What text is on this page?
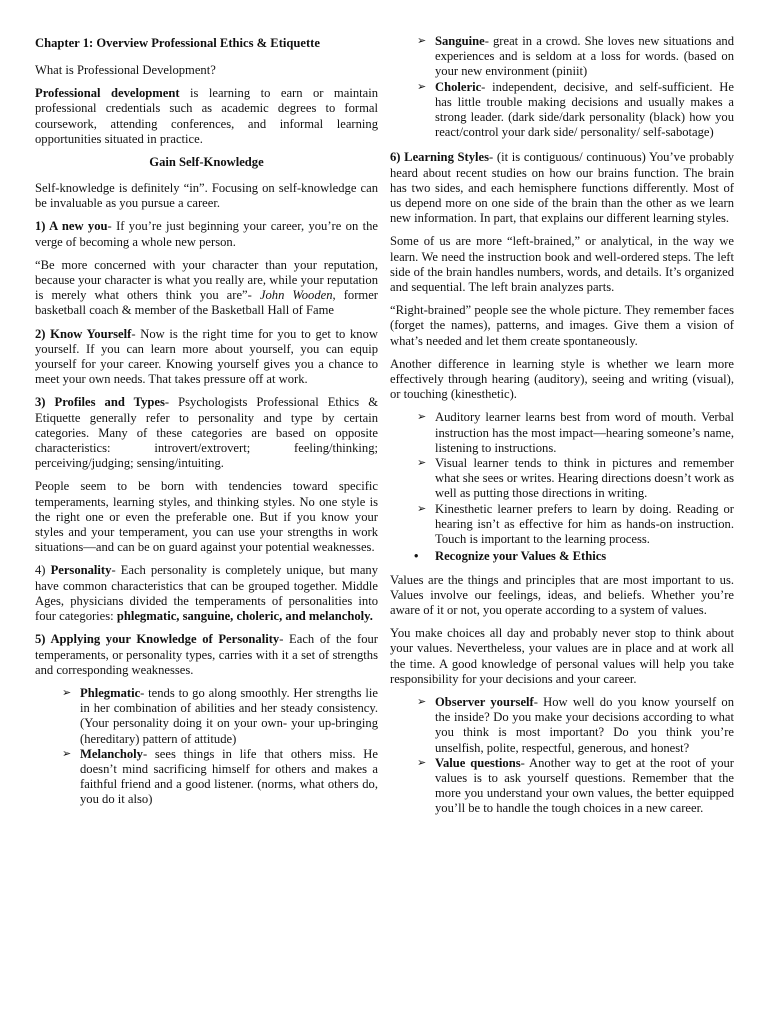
Chapter 1: Overview Professional Ethics & Etiquette

What is Professional Development?

Professional development is learning to earn or maintain professional credentials such as academic degrees to formal coursework, attending conferences, and informal learning opportunities situated in practice.

Gain Self-Knowledge

Self-knowledge is definitely “in”. Focusing on self-knowledge can be invaluable as you pursue a career.

1) A new you- If you’re just beginning your career, you’re on the verge of becoming a whole new person.

“Be more concerned with your character than your reputation, because your character is what you really are, while your reputation is merely what others think you are”- John Wooden, former basketball coach & member of the Basketball Hall of Fame

2) Know Yourself- Now is the right time for you to get to know yourself. If you can learn more about yourself, you can equip yourself for your career. Knowing yourself gives you a chance to meet your own needs. That takes pressure off at work.

3) Profiles and Types- Psychologists Professional Ethics & Etiquette generally refer to personality and type by certain categories. Many of these categories are based on opposite characteristics: introvert/extrovert; feeling/thinking; perceiving/judging; sensing/intuiting.

People seem to be born with tendencies toward specific temperaments, learning styles, and thinking styles. No one style is the right one or even the preferable one. But if you know your styles and your temperament, you can use your strengths in work situations—and can be on guard against your potential weaknesses.

4) Personality- Each personality is completely unique, but many have common characteristics that can be grouped together. Middle Ages, physicians divided the temperaments of personalities into four categories: phlegmatic, sanguine, choleric, and melancholy.

5) Applying your Knowledge of Personality- Each of the four temperaments, or personality types, carries with it a set of strengths and corresponding weaknesses.

➢ Phlegmatic- tends to go along smoothly. Her strengths lie in her combination of abilities and her steady consistency. (Your personality doing it on your own- your up-bringing (hereditary) pattern of attitude)
➢ Melancholy- sees things in life that others miss. He doesn’t mind sacrificing himself for others and makes a faithful friend and a good listener. (norms, what others do, you do it also)
➢ Sanguine- great in a crowd. She loves new situations and experiences and is seldom at a loss for words. (based on your new environment (piniit)
➢ Choleric- independent, decisive, and self-sufficient. He has little trouble making decisions and usually makes a strong leader. (dark side/dark personality (black) how you react/control your dark side/ personality/ self-sabotage)

6) Learning Styles- (it is contiguous/ continuous) You’ve probably heard about recent studies on how our brains function. The brain has two sides, and each hemisphere functions differently. Most of us depend more on one side of the brain than the other as we learn new information. In part, that explains our different learning styles.

Some of us are more “left-brained,” or analytical, in the way we learn. We need the instruction book and well-ordered steps. The left side of the brain handles numbers, words, and details. It’s organized and sequential. The left brain analyzes parts.

“Right-brained” people see the whole picture. They remember faces (forget the names), patterns, and images. Give them a vision of what’s needed and let them create spontaneously.

Another difference in learning style is whether we learn more effectively through hearing (auditory), seeing and writing (visual), or touching (kinesthetic).

➢ Auditory learner learns best from word of mouth. Verbal instruction has the most impact—hearing someone’s name, listening to instructions.
➢ Visual learner tends to think in pictures and remember what she sees or writes. Hearing directions doesn’t work as well as putting those directions in writing.
➢ Kinesthetic learner prefers to learn by doing. Reading or hearing isn’t as effective for him as hands-on instruction. Touch is important to the learning process.
• Recognize your Values & Ethics

Values are the things and principles that are most important to us. Values involve our feelings, ideas, and beliefs. Whether you’re aware of it or not, you operate according to a system of values.

You make choices all day and probably never stop to think about your values. Nevertheless, your values are in place and at work all the time. A good knowledge of personal values will help you take responsibility for your decisions and your career.

➢ Observer yourself- How well do you know yourself on the inside? Do you make your decisions according to what you think is most important? Do you think you’re unselfish, polite, respectful, generous, and honest?
➢ Value questions- Another way to get at the root of your values is to ask yourself questions. Remember that the more you understand your own values, the better equipped you’ll be to handle the tough choices in a new career.
